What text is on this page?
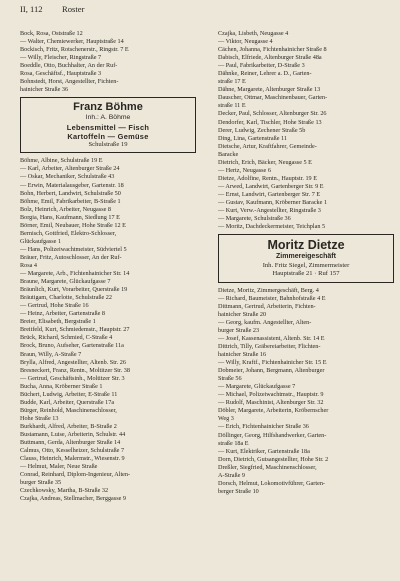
II, 112 Roster
Bock, Rosa, Oststraße 12
— Walter, Chemiewerker, Hauptstraße 14
Bockisch, Fritz, Rotschenerstr., Ringstr. 7 E
— Willy, Fleischer, Ringstraße 7
Boeddle, Otto, Buchhalter, An der Ruf-
Rosa, Geschäftsf., Hauptstraße 3
Bohnstedt, Horst, Angestellter, Fichten-
hainicher Straße 36
Franz Böhme
Inh.: A. Böhme
Lebensmittel — Fisch
Kartoffeln — Gemüse
Schulstraße 19
Böhme, Albine, Schulstraße 19 E
— Karl, Arbeiter, Altenburger Straße 24
— Oskar, Mechaniker, Schulstraße 43
— Erwin, Materialausgeber, Gartenstr. 18
Bohn, Herbert, Landwirt, Schulstraße 50
Böhme, Emil, Fabrikarbeiter, B-Straße 1
Bolz, Heinrich, Arbeiter, Neugasse 8
Borgia, Hans, Kaufmann, Siedlung 17 E
Börner, Emil, Neubauer, Hohe Straße 12 E
Bernisch, Gottfried, Elektro-Schlosser,
Glückaufgasse 1
— Hans, Polizeiwachtmeister, Südviertel 5
Bräuer, Fritz, Autoschlosser, An der Ruf-
Rosa 4
— Margarete, Arb., Fichtenhainicher Str. 14
Braune, Margarete, Glückaufgasse 7
Bräunlich, Kurt, Vorarbeiter, Querstraße 19
Bräutigam, Charlotte, Schulstraße 22
— Gertrud, Hohe Straße 16
— Heinz, Arbeiter, Gartenstraße 8
Breier, Elisabeth, Bergstraße 1
Breitfeld, Kurt, Schmiedemstr., Hauptstr. 27
Brück, Richard, Schmied, C-Straße 4
Brock, Bruno, Aufseher, Gartenstraße 11a
Braun, Willy, A-Straße 7
Brylla, Alfred, Angestellter, Altenb. Str. 26
Bresneckert, Franz, Rentn., Moltitzer Str. 38
— Gertrud, Geschäftsinh., Moltitzer Str. 3
Bucha, Anna, Kröberner Straße 1
Büchert, Ludwig, Arbeiter, E-Straße 11
Budde, Karl, Arbeiter, Querstraße 17a
Bürger, Reinhold, Maschinenschlosser,
Hohe Straße 13
Burkhardt, Alfred, Arbeiter, B-Straße 2
Bustamann, Luise, Arbeiterin, Schulstr. 44
Buttmann, Gerda, Altenburger Straße 14
Calmus, Otto, Kesselheizer, Schulstraße 7
Clauss, Heinrich, Malermstr., Wiesenstr. 9
— Helmut, Maler, Neue Straße
Conrad, Reinhard, Diplom-Ingenieur, Alten-
burger Straße 35
Czechkowsky, Martha, B-Straße 32
Czajka, Andreas, Stellmacher, Berggasse 9
Czajka, Lisbeth, Neugasse 4
— Viktor, Neugasse 4
Cächen, Johanna, Fichtenhainicher Straße 8
Dabisch, Elfriede, Altenburger Straße 48a
— Paul, Fabrikarbeiter, D-Straße 3
Dähnke, Reiner, Lehrer a. D., Garten-
straße 17 E
Dähne, Margarete, Altenburger Straße 13
Dauscher, Ottmar, Maschinenbauer, Garten-
straße 11 E
Decker, Paul, Schlosser, Altenburger Str. 26
Dendorfer, Karl, Tischler, Hohe Straße 13
Derer, Ludwig, Zechener Straße 5b
Ding, Lina, Gartenstraße 11
Dietsche, Artur, Kraftfahrer, Gemeinde-
Baracke
Dietrich, Erich, Bäcker, Neugasse 5 E
— Hertz, Neugasse 6
Dietze, Adolfine, Rentn., Hauptstr. 19 E
— Arwed, Landwirt, Gartenberger Str. 9 E
— Ernst, Landwirt, Gartenberger Str. 7 E
— Gustav, Kaufmann, Kröberner Baracke 1
— Kurt, Verw.-Angestellter, Ringstraße 3
— Margarete, Schulstraße 36
— Moritz, Dachdeckermeister, Teichplan 5
Moritz Dietze
Zimmereigeschäft
Inh. Fritz Siegel, Zimmermeister
Hauptstraße 21 · Ruf 157
Dietze, Moritz, Zimmergeschäft, Berg. 4
— Richard, Baumeister, Bahnhofstraße 4 E
Dittmann, Gertrud, Arbeiterin, Fichten-
hainicher Straße 20
— Georg, kaufm. Angestellter, Alten-
burger Straße 23
— Josef, Kassenassistent, Altenb. Str. 14 E
Dittrich, Tilly, Gräbereiarbeiter, Flichten-
hainicher Straße 16
— Willy, Kraftf., Fichtenhainicher Str. 15 E
Dobmeier, Johann, Bergmann, Altenburger
Straße 56
— Margarete, Glückaufgasse 7
— Michael, Polizeiwachtmstr., Hauptstr. 9
— Rudolf, Maschinist, Altenburger Str. 32
Döbler, Margarete, Arbeiterin, Kröbernscher
Weg 3
— Erich, Fichtenhainicher Straße 36
Döllinger, Georg, Hilfshandwerker, Garten-
straße 18a E
— Kurt, Elektriker, Gartenstraße 18a
Dorn, Dietrich, Gutsangestellter, Hohe Str. 2
Dreßler, Siegfried, Maschinenschlosser,
A-Straße 9
Dorsch, Helmut, Lokomotivführer, Garten-
berger Straße 10
